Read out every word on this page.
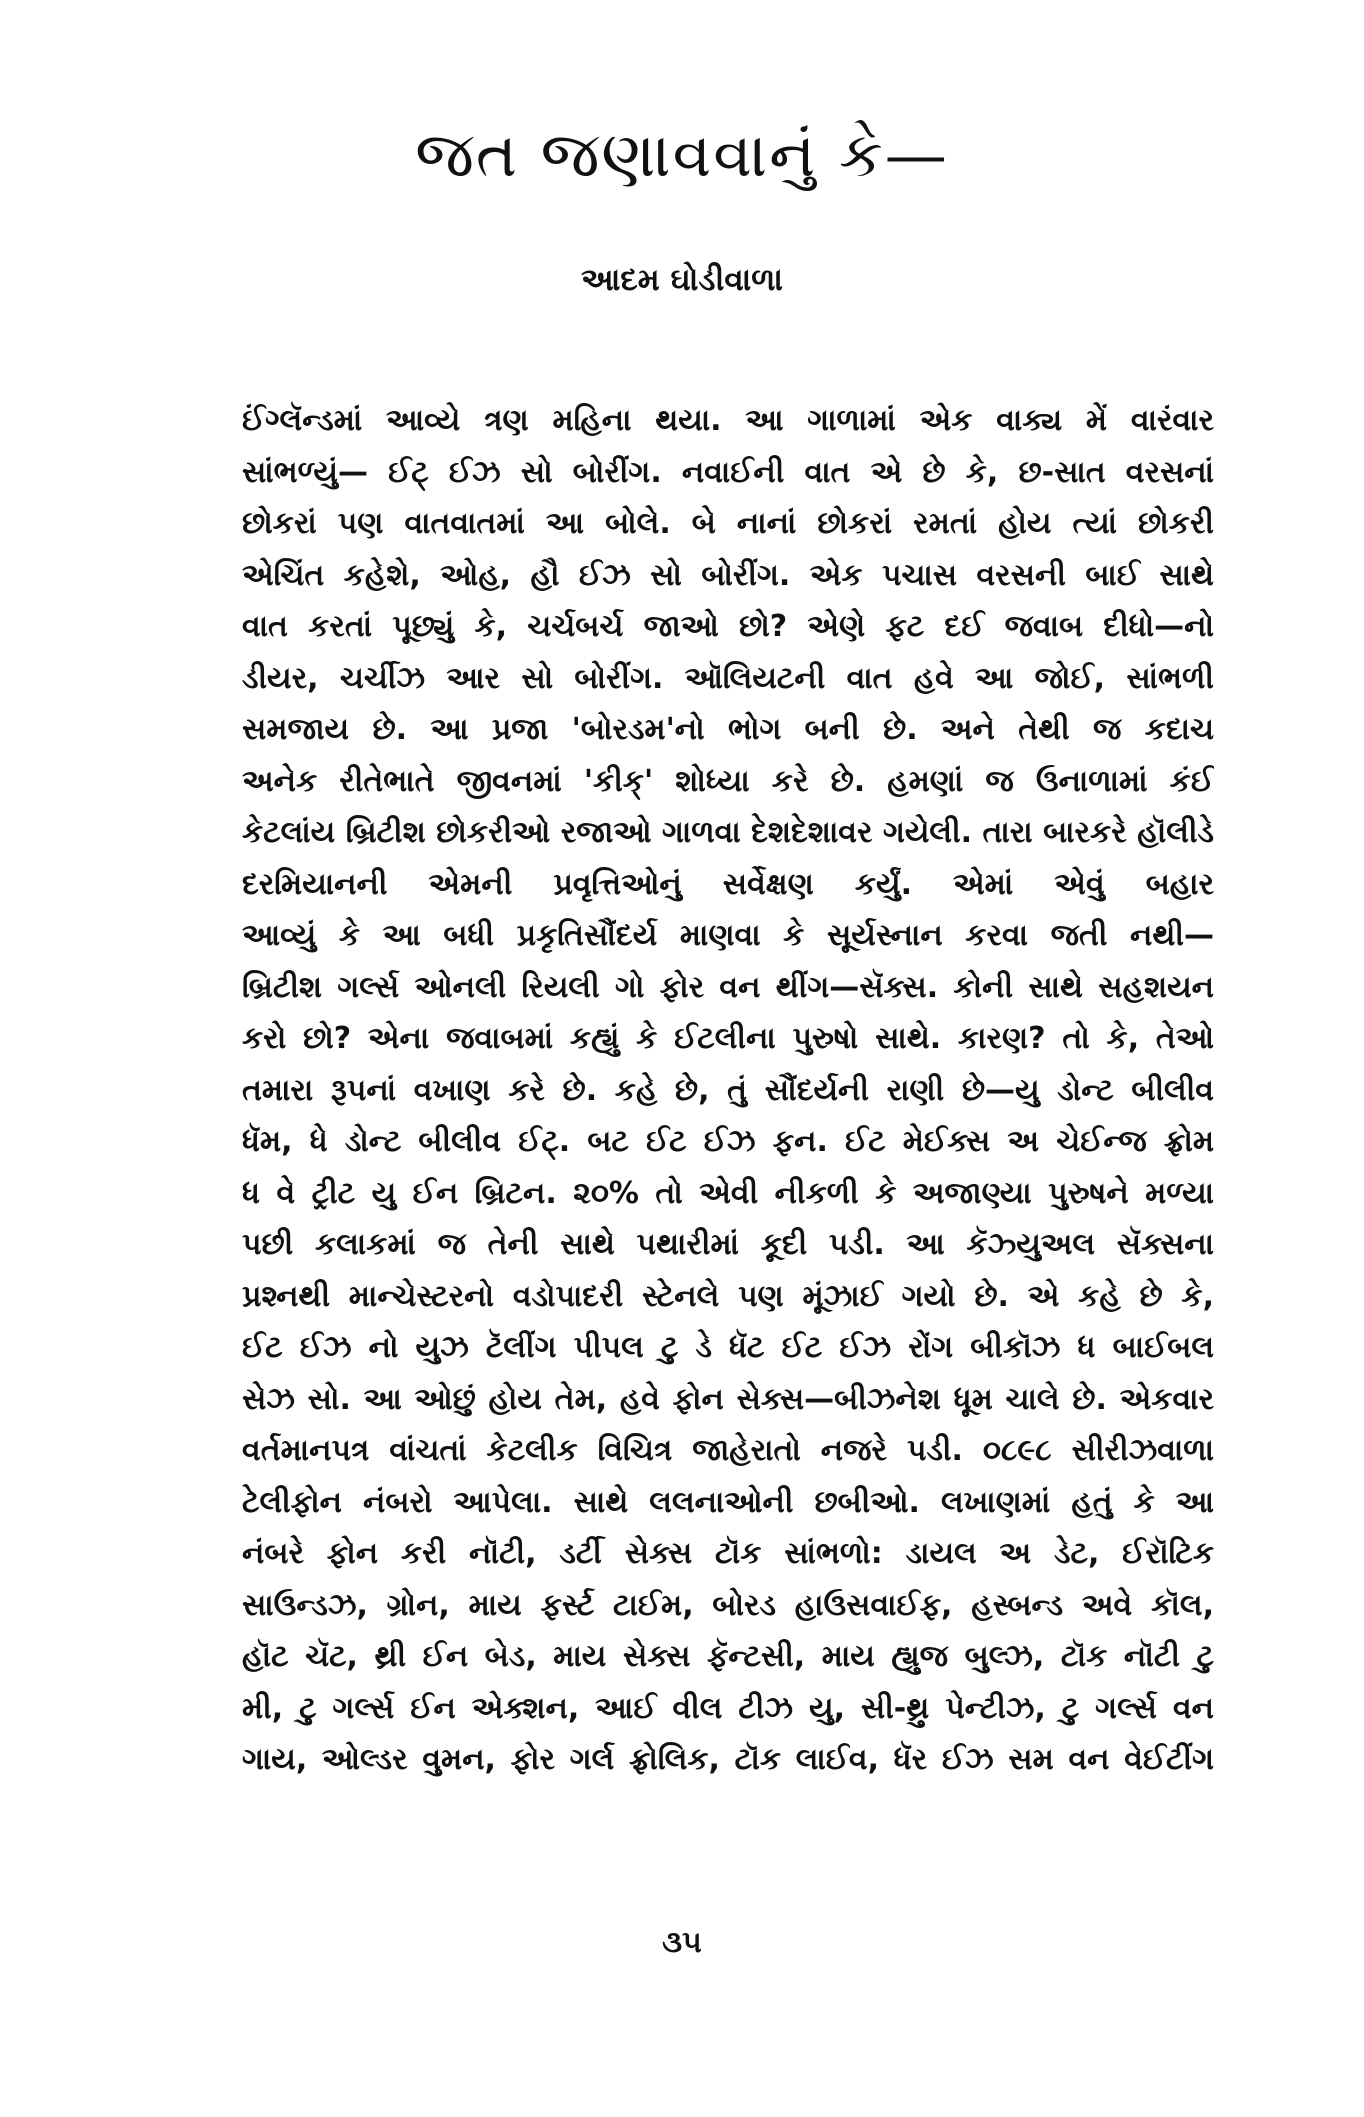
જત જણાવવાનું કે—
આદમ ઘોડીવાળા
ઈંગ્લૅન્ડમાં આવ્યે ત્રણ મહિના થયા. આ ગાળામાં એક વાક્ય મેં વારંવાર
સાંભળ્યું— ઈટ્ ઈઝ સો બોરીંગ. નવાઈની વાત એ છે કે, છ-સાત વરસનાં
છોકરાં પણ વાતવાતમાં આ બોલે. બે નાનાં છોકરાં રમતાં હોય ત્યાં છોકરી
એચિંત કહેશે, ઓહ, હૌ ઈઝ સો બોરીંગ. એક પચાસ વરસની બાઈ સાથે
વાત કરતાં પૂછ્યું કે, ચર્ચબર્ચ જાઓ છો? એણે ફટ દઈ જવાબ દીધો—નો
ડીયર, ચર્ચીઝ આર સો બોરીંગ. ઑલિયટની વાત હવે આ જોઈ, સાંભળી
સમજાય છે. આ પ્રજા 'બોરડમ'નો ભોગ બની છે. અને તેથી જ કદાચ
અનેક રીતેભાતે જીવનમાં 'કીક્' શોધ્યા કરે છે. હમણાં જ ઉનાળામાં કંઈ
કેટલાંય બ્રિટીશ છોકરીઓ રજાઓ ગાળવા દેશદેશાવર ગયેલી. તારા બારકરે હૉલીડે
દરમિયાનની એમની પ્રવૃત્તિઓનું સર્વેક્ષણ કર્યું. એમાં એવું બહાર
આવ્યું કે આ બધી પ્રકૃતિસૌંદર્ય માણવા કે સૂર્યસ્નાન કરવા જતી નથી—
બ્રિટીશ ગર્લ્સ ઓનલી રિયલી ગો ફોર વન થીંગ—સૅક્સ. કોની સાથે સહશયન
કરો છો? એના જવાબમાં કહ્યું કે ઈટલીના પુરુષો સાથે. કારણ? તો કે, તેઓ
તમારા રૂપનાં વખાણ કરે છે. કહે છે, તું સૌંદર્યની રાણી છે—યુ ડોન્ટ બીલીવ
ધૅમ, ધે ડોન્ટ બીલીવ ઈટ્. બટ ઈટ ઈઝ ફન. ઈટ મેઈક્સ અ ચેઈન્જ ફ્રોમ
ધ વે ટ્રીટ યુ ઈન બ્રિટન. ૨૦% તો એવી નીકળી કે અજાણ્યા પુરુષને મળ્યા
પછી કલાકમાં જ તેની સાથે પથારીમાં કૂદી પડી. આ કૅઝ્યુઅલ સૅક્સના
પ્રશ્નથી માન્ચેસ્ટરનો વડોપાદરી સ્ટેનલે પણ મૂંઝાઈ ગયો છે. એ કહે છે કે,
ઈટ ઈઝ નો યુઝ ટૅલીંગ પીપલ ટુ ડે ધૅટ ઈટ ઈઝ રોંગ બીકૉઝ ધ બાઈબલ
સેઝ સો. આ ઓછું હોય તેમ, હવે ફોન સેક્સ—બીઝનેશ ધૂમ ચાલે છે. એકવાર
વર્તમાનપત્ર વાંચતાં કેટલીક વિચિત્ર જાહેરાતો નજરે પડી. ૦૮૯૮ સીરીઝવાળા
ટેલીફોન નંબરો આપેલા. સાથે લલનાઓની છબીઓ. લખાણમાં હતું કે આ
નંબરે ફોન કરી નૉટી, ડર્ટી સેક્સ ટૉક સાંભળો: ડાયલ અ ડેટ, ઈરૉટિક
સાઉન્ડઝ, ગ્રોન, માય ફર્સ્ટ ટાઈમ, બોરડ હાઉસવાઈફ, હસ્બન્ડ અવે કૉલ,
હૉટ ચૅટ, થ્રી ઈન બેડ, માય સેક્સ ફૅન્ટસી, માય હ્યુજ બુલ્ઝ, ટૉક નૉટી ટુ
મી, ટુ ગર્લ્સ ઈન એક્શન, આઈ વીલ ટીઝ યુ, સી-થ્રુ પેન્ટીઝ, ટુ ગર્લ્સ વન
ગાય, ઓલ્ડર વુમન, ફોર ગર્લ ફ્રોલિક, ટૉક લાઈવ, ધૅર ઈઝ સમ વન વેઈટીંગ
૩૫
